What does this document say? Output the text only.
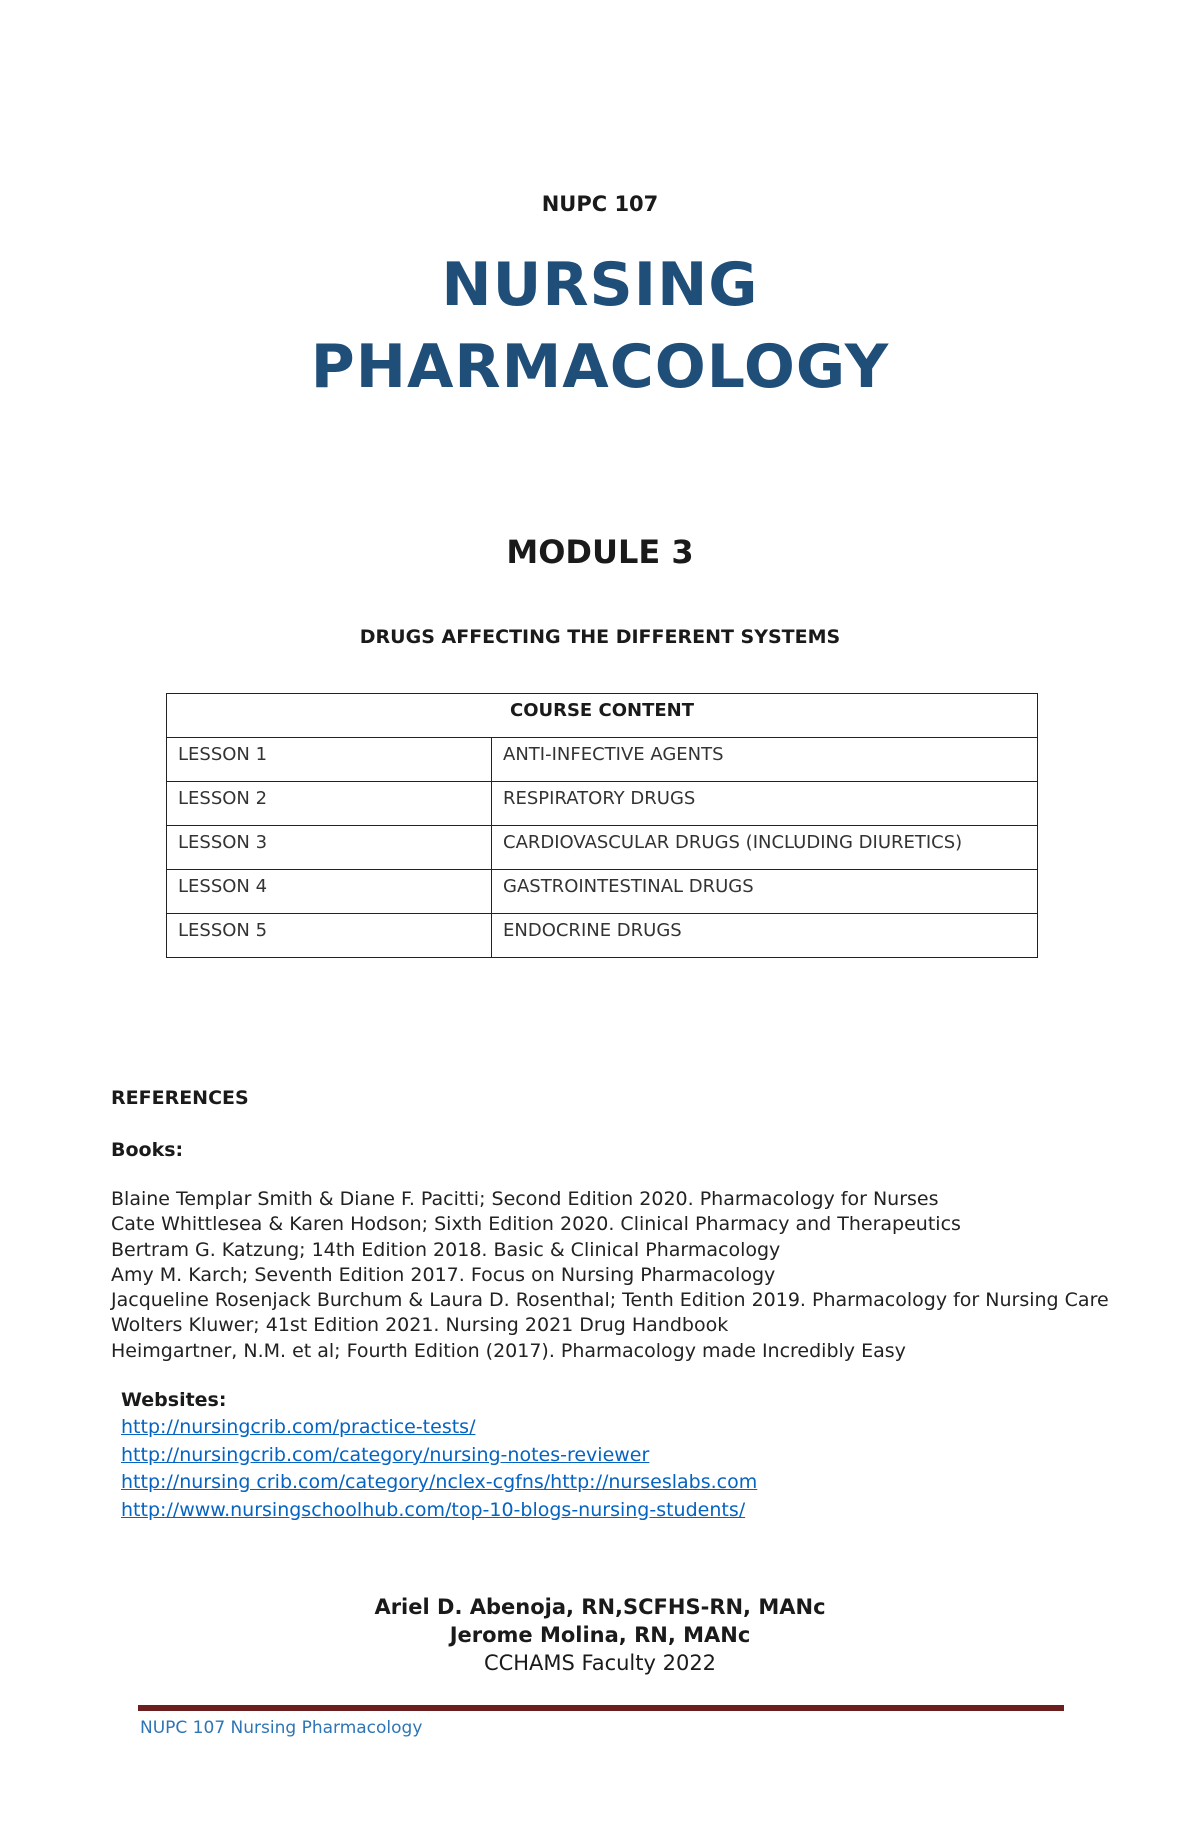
NUPC 107
NURSING
PHARMACOLOGY
MODULE 3
DRUGS AFFECTING THE DIFFERENT SYSTEMS
COURSE CONTENT	
LESSON 1	ANTI-INFECTIVE AGENTS
LESSON 2	RESPIRATORY DRUGS
LESSON 3	CARDIOVASCULAR DRUGS (INCLUDING DIURETICS)
LESSON 4	GASTROINTESTINAL DRUGS
LESSON 5	ENDOCRINE DRUGS
REFERENCES
Books:
Blaine Templar Smith & Diane F. Pacitti; Second Edition 2020. Pharmacology for Nurses
Cate Whittlesea & Karen Hodson; Sixth Edition 2020. Clinical Pharmacy and Therapeutics
Bertram G. Katzung; 14th Edition 2018. Basic & Clinical Pharmacology
Amy M. Karch; Seventh Edition 2017. Focus on Nursing Pharmacology
Jacqueline Rosenjack Burchum & Laura D. Rosenthal; Tenth Edition 2019. Pharmacology for Nursing Care
Wolters Kluwer; 41st Edition 2021. Nursing 2021 Drug Handbook
Heimgartner, N.M. et al; Fourth Edition (2017). Pharmacology made Incredibly Easy
Websites:
http://nursingcrib.com/practice-tests/
http://nursingcrib.com/category/nursing-notes-reviewer
http://nursing crib.com/category/nclex-cgfns/http://nurseslabs.com
http://www.nursingschoolhub.com/top-10-blogs-nursing-students/
Ariel D. Abenoja, RN,SCFHS-RN, MANc
Jerome Molina, RN, MANc
CCHAMS Faculty 2022
NUPC 107 Nursing Pharmacology
